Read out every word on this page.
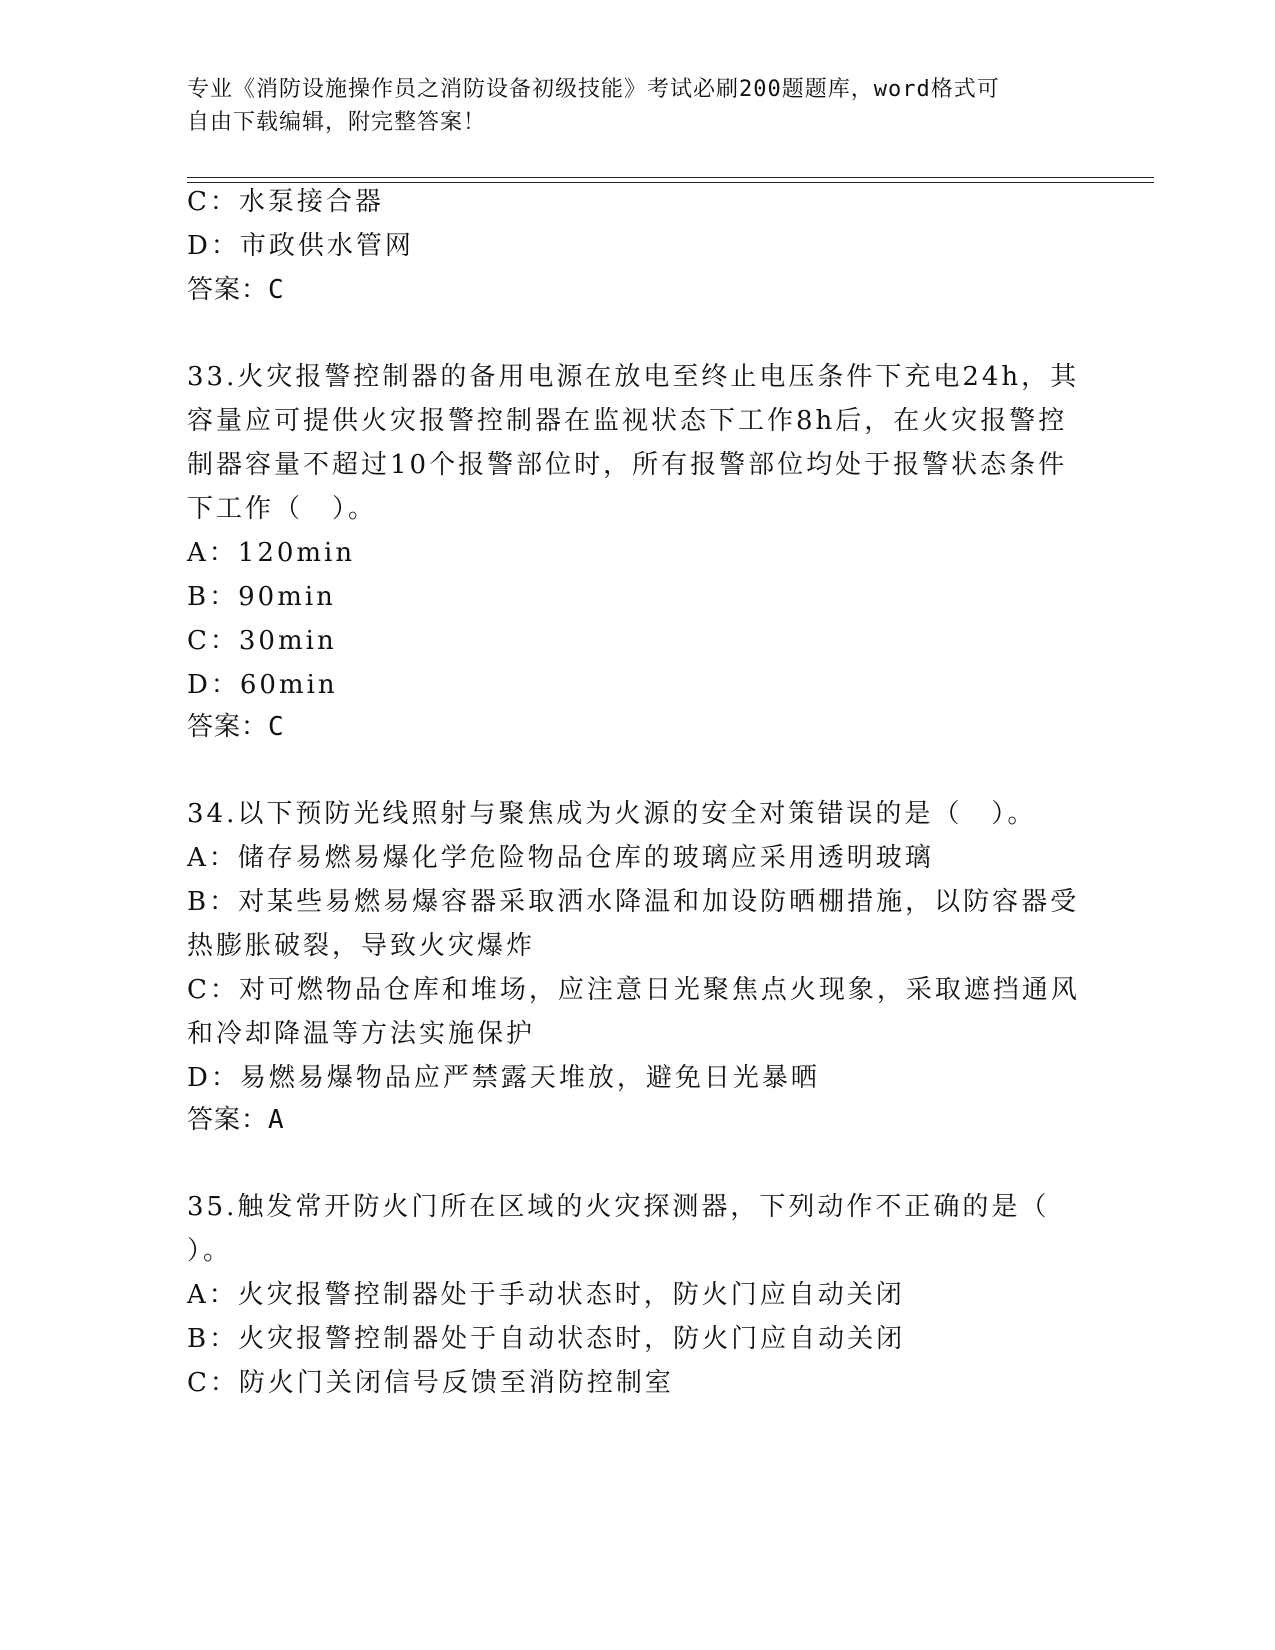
专业《消防设施操作员之消防设备初级技能》考试必刷200题题库，word格式可
自由下载编辑，附完整答案！
C：水泵接合器
D：市政供水管网
答案：C
33.火灾报警控制器的备用电源在放电至终止电压条件下充电24h，其
容量应可提供火灾报警控制器在监视状态下工作8h后，在火灾报警控
制器容量不超过10个报警部位时，所有报警部位均处于报警状态条件
下工作（　）。
A：120min
B：90min
C：30min
D：60min
答案：C
34.以下预防光线照射与聚焦成为火源的安全对策错误的是（　）。
A：储存易燃易爆化学危险物品仓库的玻璃应采用透明玻璃
B：对某些易燃易爆容器采取洒水降温和加设防晒棚措施，以防容器受
热膨胀破裂，导致火灾爆炸
C：对可燃物品仓库和堆场，应注意日光聚焦点火现象，采取遮挡通风
和冷却降温等方法实施保护
D：易燃易爆物品应严禁露天堆放，避免日光暴晒
答案：A
35.触发常开防火门所在区域的火灾探测器，下列动作不正确的是（
）。
A：火灾报警控制器处于手动状态时，防火门应自动关闭
B：火灾报警控制器处于自动状态时，防火门应自动关闭
C：防火门关闭信号反馈至消防控制室
